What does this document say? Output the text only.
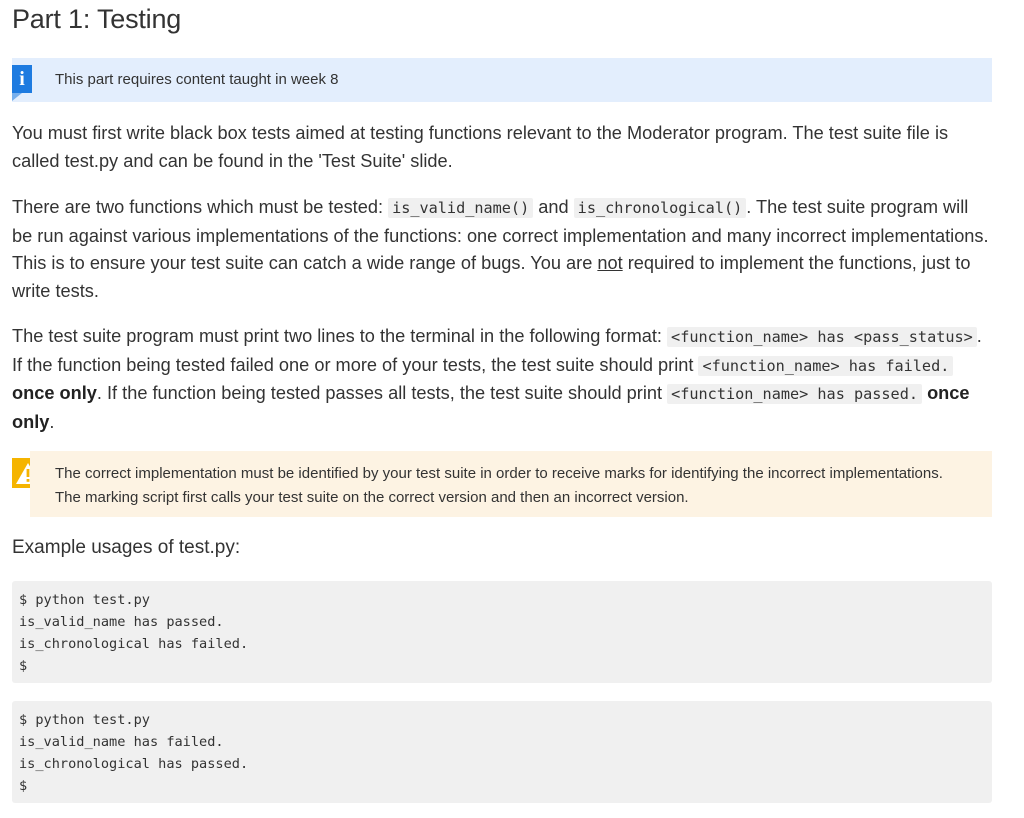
Part 1: Testing
i	This part requires content taught in week 8

You must first write black box tests aimed at testing functions relevant to the Moderator program. The test suite file is called test.py and can be found in the 'Test Suite' slide.

There are two functions which must be tested: is_valid_name() and is_chronological() . The test suite program will be run against various implementations of the functions: one correct implementation and many incorrect implementations. This is to ensure your test suite can catch a wide range of bugs. You are not required to implement the functions, just to write tests.

The test suite program must print two lines to the terminal in the following format: <function_name> has <pass_status> . If the function being tested failed one or more of your tests, the test suite should print <function_name> has failed. once only. If the function being tested passes all tests, the test suite should print <function_name> has passed. once only.

The correct implementation must be identified by your test suite in order to receive marks for identifying the incorrect implementations. The marking script first calls your test suite on the correct version and then an incorrect version.
Example usages of test.py:
$ python test.py
is_valid_name has passed.
is_chronological has failed.
$
$ python test.py
is_valid_name has failed.
is_chronological has passed.
$
